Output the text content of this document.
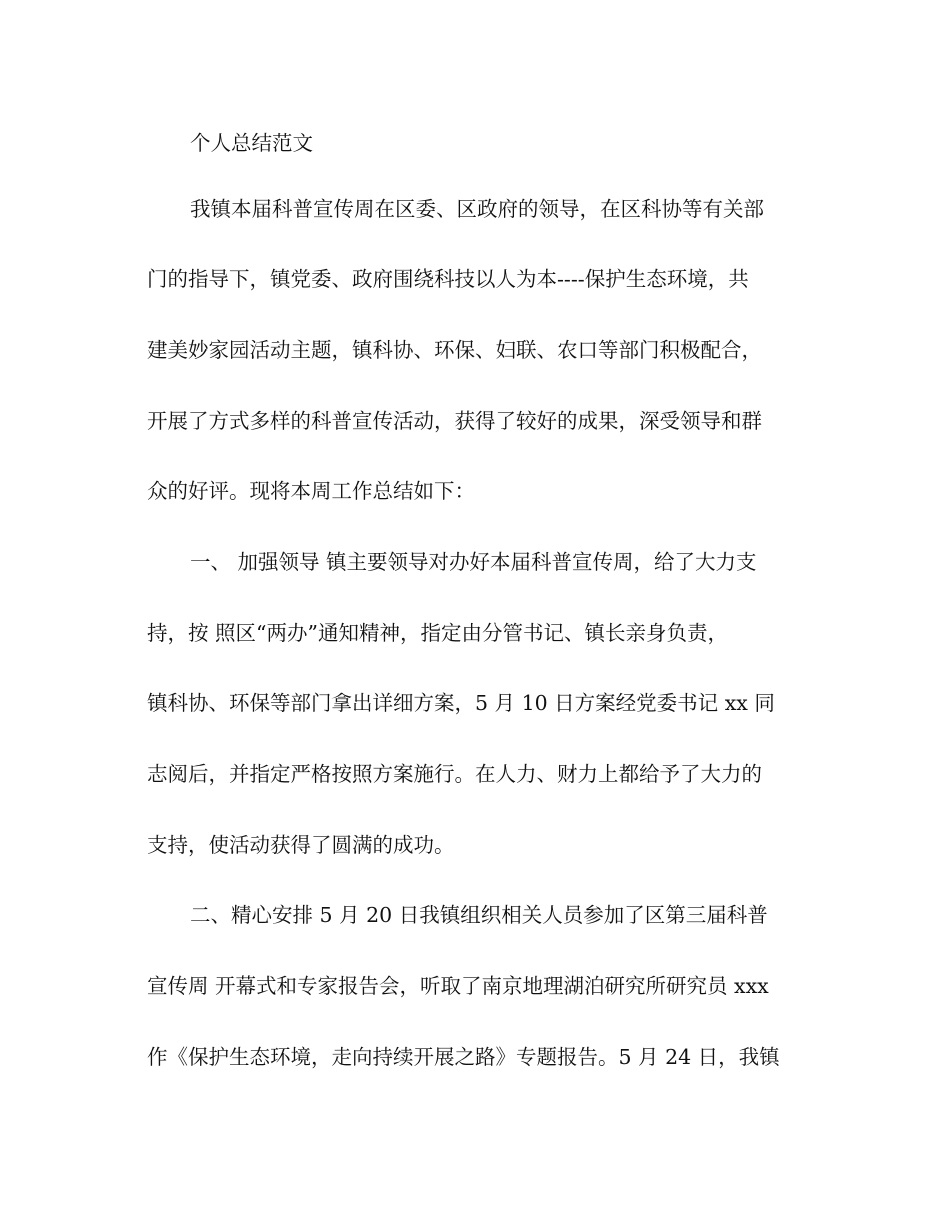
个人总结范文
我镇本届科普宣传周在区委、区政府的领导，在区科协等有关部
门的指导下，镇党委、政府围绕科技以人为本----保护生态环境，共
建美妙家园活动主题，镇科协、环保、妇联、农口等部门积极配合，
开展了方式多样的科普宣传活动，获得了较好的成果，深受领导和群
众的好评。现将本周工作总结如下：
一、 加强领导 镇主要领导对办好本届科普宣传周，给了大力支
持，按 照区“两办”通知精神，指定由分管书记、镇长亲身负责，
镇科协、环保等部门拿出详细方案，5 月 10 日方案经党委书记 xx 同
志阅后，并指定严格按照方案施行。在人力、财力上都给予了大力的
支持，使活动获得了圆满的成功。
二、精心安排 5 月 20 日我镇组织相关人员参加了区第三届科普
宣传周 开幕式和专家报告会，听取了南京地理湖泊研究所研究员 xxx
作《保护生态环境，走向持续开展之路》专题报告。5 月 24 日，我镇
